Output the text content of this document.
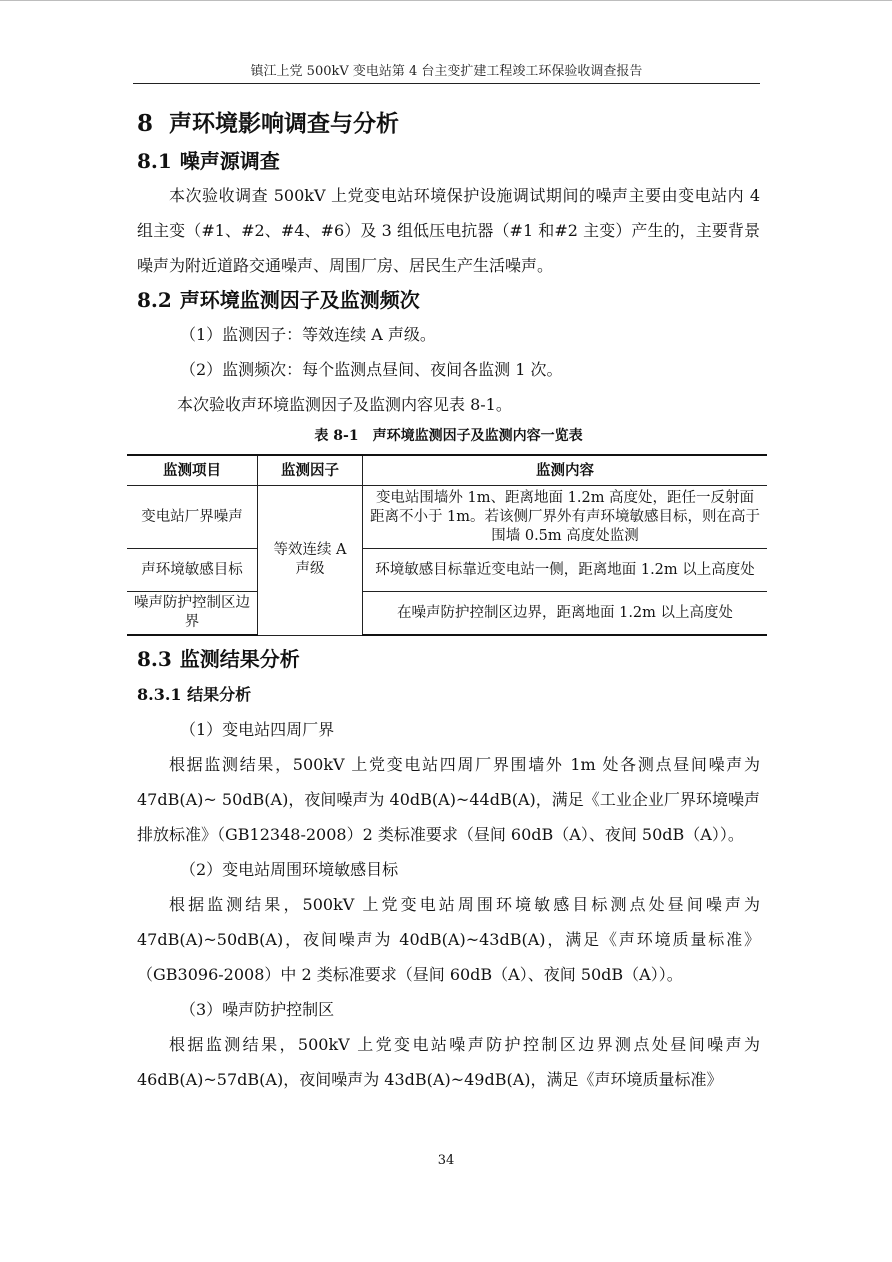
镇江上党 500kV 变电站第 4 台主变扩建工程竣工环保验收调查报告
8 声环境影响调查与分析
8.1 噪声源调查

本次验收调查 500kV 上党变电站环境保护设施调试期间的噪声主要由变电站内 4 组主变（#1、#2、#4、#6）及 3 组低压电抗器（#1 和#2 主变）产生的，主要背景噪声为附近道路交通噪声、周围厂房、居民生产生活噪声。

8.2 声环境监测因子及监测频次

（1）监测因子：等效连续 A 声级。

（2）监测频次：每个监测点昼间、夜间各监测 1 次。

本次验收声环境监测因子及监测内容见表 8-1。

表 8-1　声环境监测因子及监测内容一览表
监测项目	监测因子	监测内容
变电站厂界噪声	等效连续 A 声级	变电站围墙外 1m、距离地面 1.2m 高度处，距任一反射面距离不小于 1m。若该侧厂界外有声环境敏感目标，则在高于围墙 0.5m 高度处监测
声环境敏感目标		环境敏感目标靠近变电站一侧，距离地面 1.2m 以上高度处
噪声防护控制区边界		在噪声防护控制区边界，距离地面 1.2m 以上高度处
8.3 监测结果分析
8.3.1 结果分析

（1）变电站四周厂界

根据监测结果，500kV 上党变电站四周厂界围墙外 1m 处各测点昼间噪声为 47dB(A)~ 50dB(A)，夜间噪声为 40dB(A)~44dB(A)，满足《工业企业厂界环境噪声排放标准》（GB12348-2008）2 类标准要求（昼间 60dB（A）、夜间 50dB（A））。

（2）变电站周围环境敏感目标

根据监测结果，500kV 上党变电站周围环境敏感目标测点处昼间噪声为 47dB(A)~50dB(A)，夜间噪声为 40dB(A)~43dB(A)，满足《声环境质量标准》（GB3096-2008）中 2 类标准要求（昼间 60dB（A）、夜间 50dB（A））。

（3）噪声防护控制区

根据监测结果，500kV 上党变电站噪声防护控制区边界测点处昼间噪声为 46dB(A)~57dB(A)，夜间噪声为 43dB(A)~49dB(A)，满足《声环境质量标准》

34
